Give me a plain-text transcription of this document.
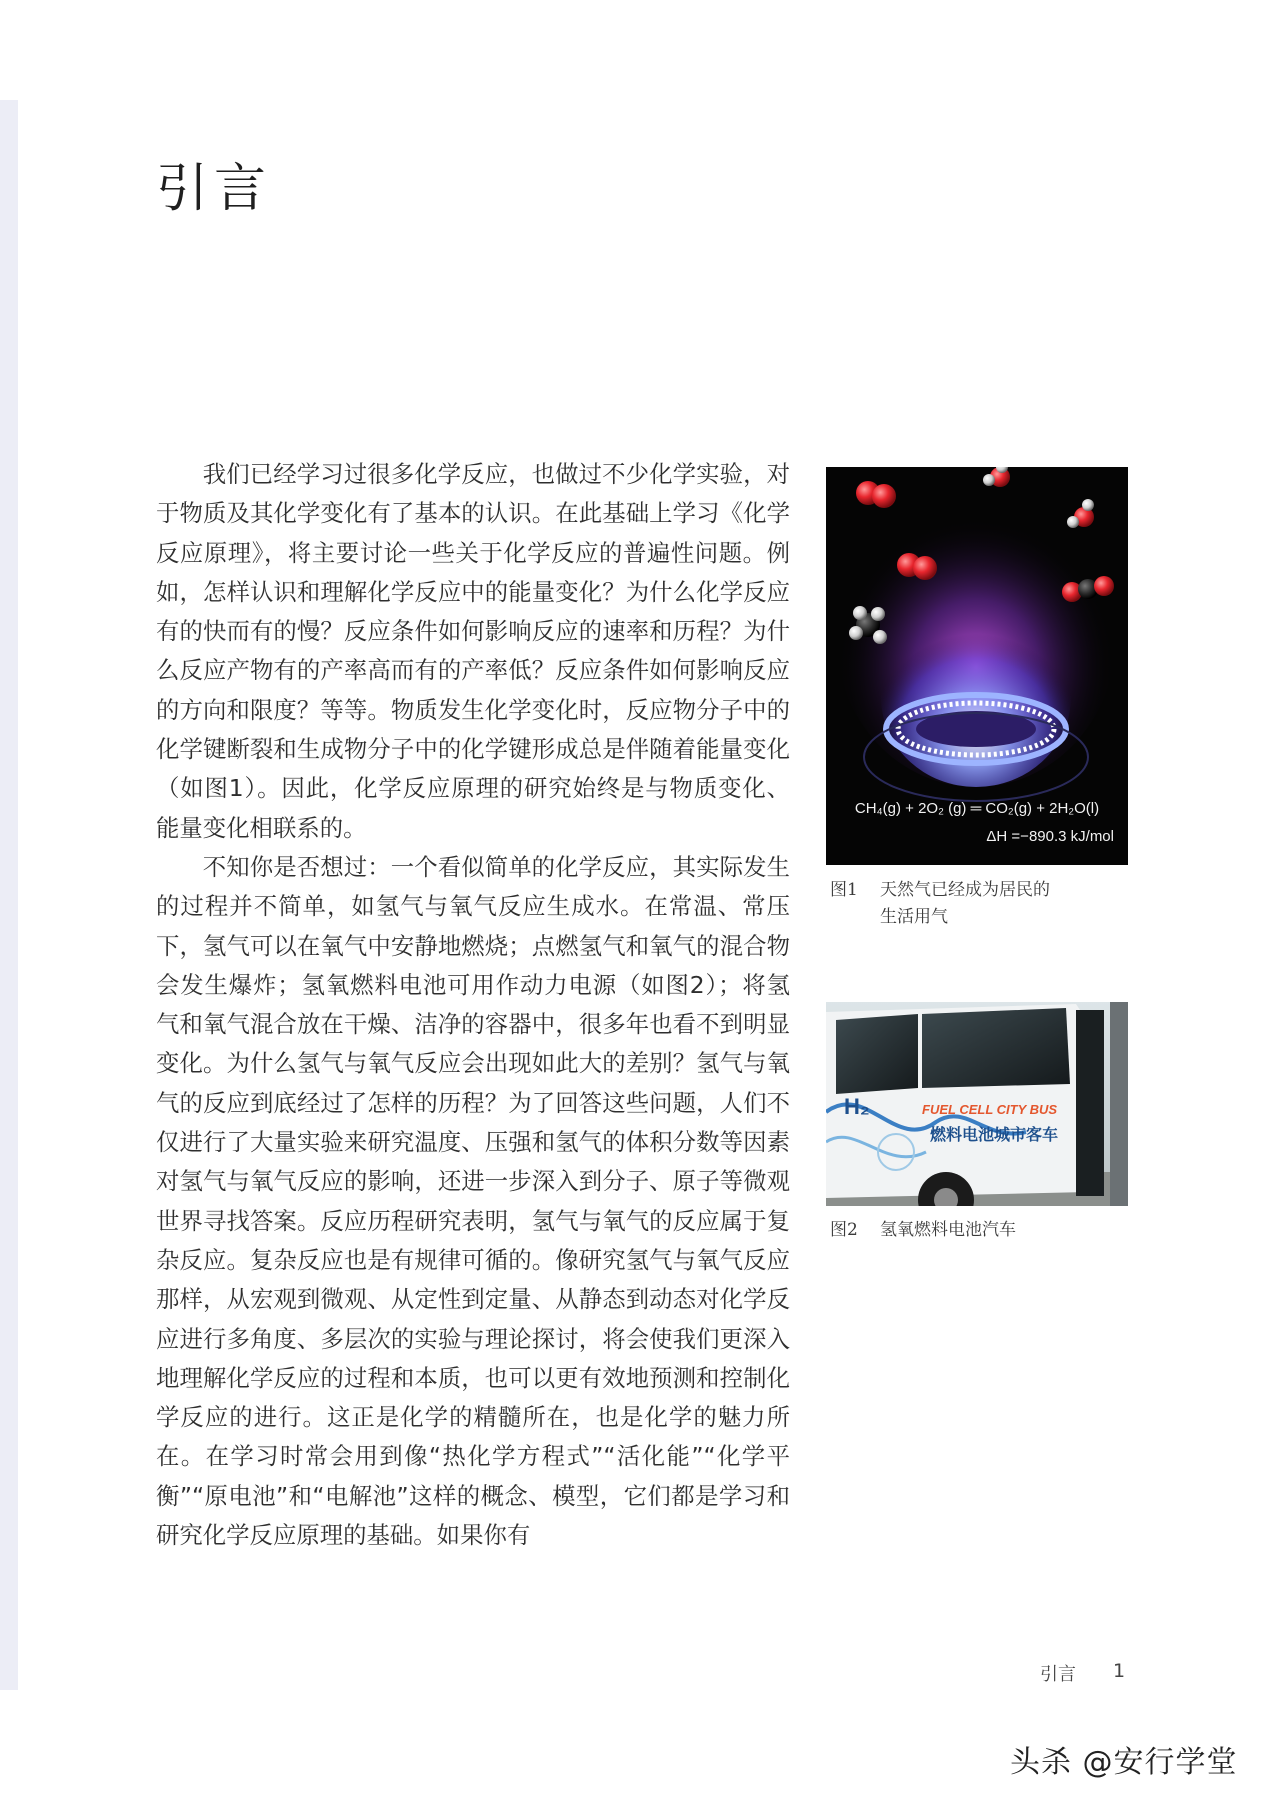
引言

我们已经学习过很多化学反应，也做过不少化学实验，对于物质及其化学变化有了基本的认识。在此基础上学习《化学反应原理》，将主要讨论一些关于化学反应的普遍性问题。例如，怎样认识和理解化学反应中的能量变化？为什么化学反应有的快而有的慢？反应条件如何影响反应的速率和历程？为什么反应产物有的产率高而有的产率低？反应条件如何影响反应的方向和限度？等等。物质发生化学变化时，反应物分子中的化学键断裂和生成物分子中的化学键形成总是伴随着能量变化（如图1）。因此，化学反应原理的研究始终是与物质变化、能量变化相联系的。

不知你是否想过：一个看似简单的化学反应，其实际发生的过程并不简单，如氢气与氧气反应生成水。在常温、常压下，氢气可以在氧气中安静地燃烧；点燃氢气和氧气的混合物会发生爆炸；氢氧燃料电池可用作动力电源（如图2）；将氢气和氧气混合放在干燥、洁净的容器中，很多年也看不到明显变化。为什么氢气与氧气反应会出现如此大的差别？氢气与氧气的反应到底经过了怎样的历程？为了回答这些问题，人们不仅进行了大量实验来研究温度、压强和氢气的体积分数等因素对氢气与氧气反应的影响，还进一步深入到分子、原子等微观世界寻找答案。反应历程研究表明，氢气与氧气的反应属于复杂反应。复杂反应也是有规律可循的。像研究氢气与氧气反应那样，从宏观到微观、从定性到定量、从静态到动态对化学反应进行多角度、多层次的实验与理论探讨，将会使我们更深入地理解化学反应的过程和本质，也可以更有效地预测和控制化学反应的进行。这正是化学的精髓所在，也是化学的魅力所在。在学习时常会用到像“热化学方程式”“活化能”“化学平衡”“原电池”和“电解池”这样的概念、模型，它们都是学习和研究化学反应原理的基础。如果你有

CH₄(g) + 2O₂ (g) ═ CO₂(g) + 2H₂O(l)
ΔH =−890.3 kJ/mol
图1 天然气已经成为居民的
生活用气
H₂	FUEL CELL CITY BUS
燃料电池城市客车
图2 氢氧燃料电池汽车
引言 1
头杀 @安行学堂
